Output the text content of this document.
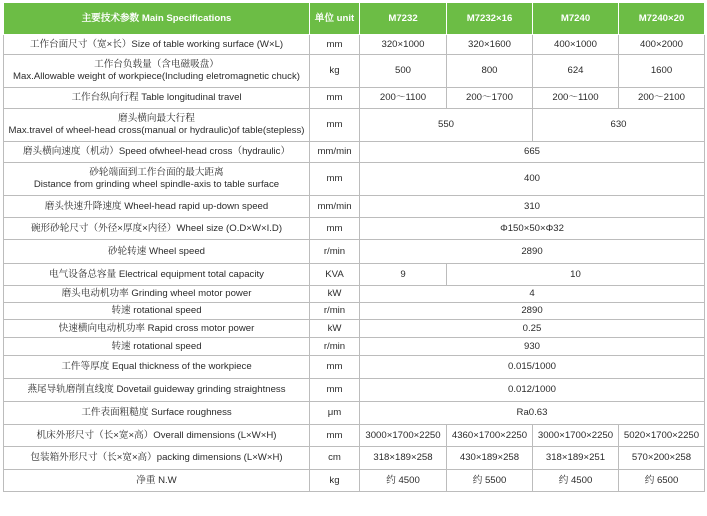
主要技术参数 Main Specifications	单位 unit	M7232	M7232×16	M7240	M7240×20
工作台面尺寸（宽×长）Size of table working surface (W×L)	mm	320×1000	320×1600	400×1000	400×2000

工作台负载量（含电磁吸盘）
Max.Allowable weight of workpiece(Including eletromagnetic chuck)	kg	500	800	624	1600
工作台纵向行程 Table longitudinal travel	mm	200～1100	200～1700	200～1100	200～2100

磨头横向最大行程
Max.travel of wheel-head cross(manual or hydraulic)of table(stepless)	mm	550		630	
磨头横向速度（机动）Speed ofwheel-head cross（hydraulic）	mm/min	665			

砂轮端面到工作台面的最大距离
Distance from grinding wheel spindle-axis to table surface	mm	400			
磨头快速升降速度 Wheel-head rapid up-down speed	mm/min	310			
碗形砂轮尺寸（外径×厚度×内径）Wheel size (O.D×W×I.D)	mm	Φ150×50×Φ32			
砂轮转速 Wheel speed	r/min	2890			
电气设备总容量 Electrical equipment total capacity	KVA	9	10		
磨头电动机功率 Grinding wheel motor power	kW	4			
转速 rotational speed	r/min	2890			
快速横向电动机功率 Rapid cross motor power	kW	0.25			
转速 rotational speed	r/min	930			
工件等厚度 Equal thickness of the workpiece	mm	0.015/1000			
燕尾导轨磨削直线度 Dovetail guideway grinding straightness	mm	0.012/1000			
工件表面粗糙度 Surface roughness	μm	Ra0.63			
机床外形尺寸（长×宽×高）Overall dimensions (L×W×H)	mm	3000×1700×2250	4360×1700×2250	3000×1700×2250	5020×1700×2250
包装箱外形尺寸（长×宽×高）packing dimensions (L×W×H)	cm	318×189×258	430×189×258	318×189×251	570×200×258
净重 N.W	kg	约 4500	约 5500	约 4500	约 6500
